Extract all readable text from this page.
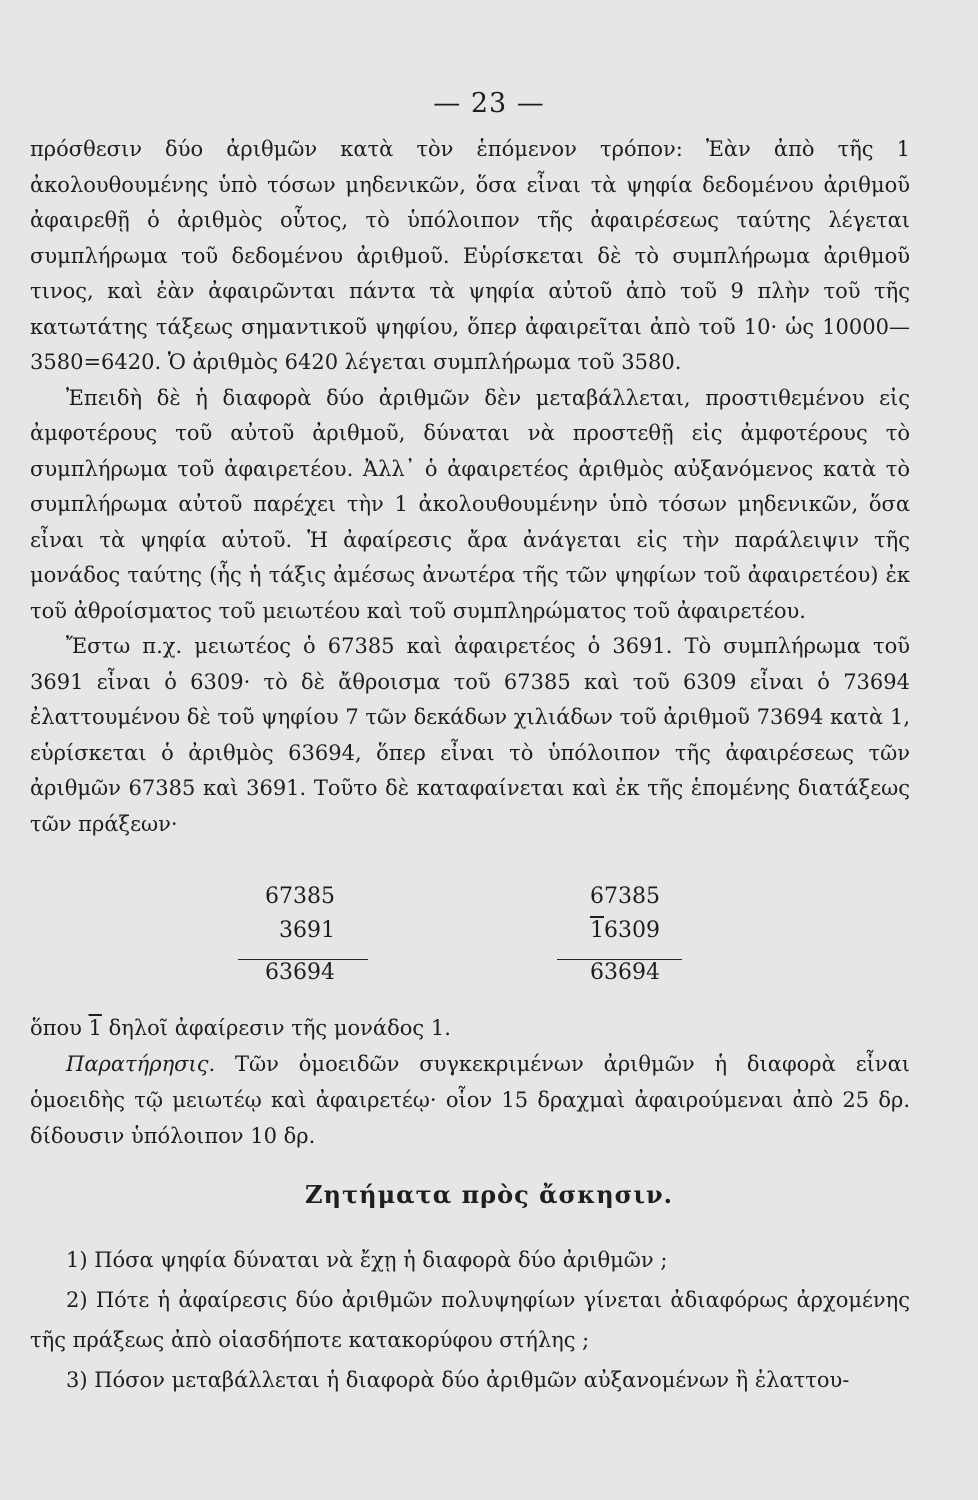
— 23 —

πρόσθεσιν δύο ἀριθμῶν κατὰ τὸν ἑπόμενον τρόπον: Ἐὰν ἀπὸ τῆς 1 ἀκολουθουμένης ὑπὸ τόσων μηδενικῶν, ὅσα εἶναι τὰ ψηφία δεδομένου ἀριθμοῦ ἀφαιρεθῇ ὁ ἀριθμὸς οὗτος, τὸ ὑπόλοιπον τῆς ἀφαιρέσεως ταύτης λέγεται συμπλήρωμα τοῦ δεδομένου ἀριθμοῦ. Εὑρίσκεται δὲ τὸ συμπλήρωμα ἀριθμοῦ τινος, καὶ ἐὰν ἀφαιρῶνται πάντα τὰ ψηφία αὐτοῦ ἀπὸ τοῦ 9 πλὴν τοῦ τῆς κατωτάτης τάξεως σημαντικοῦ ψηφίου, ὅπερ ἀφαιρεῖται ἀπὸ τοῦ 10· ὡς 10000—3580=6420. Ὁ ἀριθμὸς 6420 λέγεται συμπλήρωμα τοῦ 3580.

Ἐπειδὴ δὲ ἡ διαφορὰ δύο ἀριθμῶν δὲν μεταβάλλεται, προστιθεμένου εἰς ἀμφοτέρους τοῦ αὐτοῦ ἀριθμοῦ, δύναται νὰ προστεθῇ εἰς ἀμφοτέρους τὸ συμπλήρωμα τοῦ ἀφαιρετέου. Ἀλλ᾽ ὁ ἀφαιρετέος ἀριθμὸς αὐξανόμενος κατὰ τὸ συμπλήρωμα αὐτοῦ παρέχει τὴν 1 ἀκολουθουμένην ὑπὸ τόσων μηδενικῶν, ὅσα εἶναι τὰ ψηφία αὐτοῦ. Ἡ ἀφαίρεσις ἄρα ἀνάγεται εἰς τὴν παράλειψιν τῆς μονάδος ταύτης (ἧς ἡ τάξις ἀμέσως ἀνωτέρα τῆς τῶν ψηφίων τοῦ ἀφαιρετέου) ἐκ τοῦ ἀθροίσματος τοῦ μειωτέου καὶ τοῦ συμπληρώματος τοῦ ἀφαιρετέου.

Ἔστω π.χ. μειωτέος ὁ 67385 καὶ ἀφαιρετέος ὁ 3691. Τὸ συμπλήρωμα τοῦ 3691 εἶναι ὁ 6309· τὸ δὲ ἄθροισμα τοῦ 67385 καὶ τοῦ 6309 εἶναι ὁ 73694 ἐλαττουμένου δὲ τοῦ ψηφίου 7 τῶν δεκάδων χιλιάδων τοῦ ἀριθμοῦ 73694 κατὰ 1, εὑρίσκεται ὁ ἀριθμὸς 63694, ὅπερ εἶναι τὸ ὑπόλοιπον τῆς ἀφαιρέσεως τῶν ἀριθμῶν 67385 καὶ 3691. Τοῦτο δὲ καταφαίνεται καὶ ἐκ τῆς ἑπομένης διατάξεως τῶν πράξεων·

67385
3691
63694
67385
16309
63694

ὅπου 1 δηλοῖ ἀφαίρεσιν τῆς μονάδος 1.

Παρατήρησις. Τῶν ὁμοειδῶν συγκεκριμένων ἀριθμῶν ἡ διαφορὰ εἶναι ὁμοειδὴς τῷ μειωτέῳ καὶ ἀφαιρετέῳ· οἷον 15 δραχμαὶ ἀφαιρούμεναι ἀπὸ 25 δρ. δίδουσιν ὑπόλοιπον 10 δρ.

Ζητήματα πρὸς ἄσκησιν.

1) Πόσα ψηφία δύναται νὰ ἔχῃ ἡ διαφορὰ δύο ἀριθμῶν ;

2) Πότε ἡ ἀφαίρεσις δύο ἀριθμῶν πολυψηφίων γίνεται ἀδιαφόρως ἀρχομένης τῆς πράξεως ἀπὸ οἱασδήποτε κατακορύφου στήλης ;

3) Πόσον μεταβάλλεται ἡ διαφορὰ δύο ἀριθμῶν αὐξανομένων ἢ ἐλαττου-
